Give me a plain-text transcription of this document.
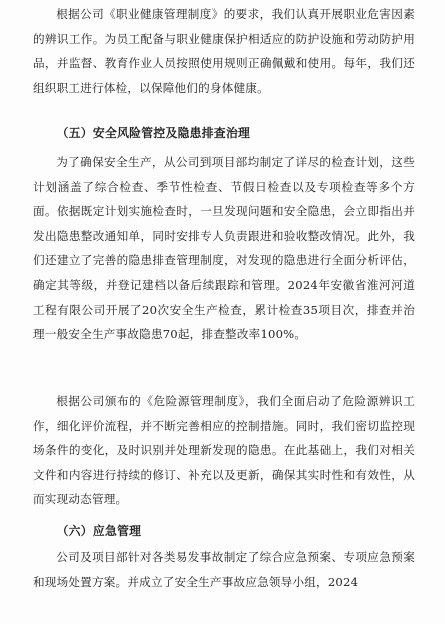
根据公司《职业健康管理制度》的要求，我们认真开展职业危害因素的辨识工作。为员工配备与职业健康保护相适应的防护设施和劳动防护用品，并监督、教育作业人员按照使用规则正确佩戴和使用。每年，我们还组织职工进行体检，以保障他们的身体健康。

（五）安全风险管控及隐患排查治理

为了确保安全生产，从公司到项目部均制定了详尽的检查计划，这些计划涵盖了综合检查、季节性检查、节假日检查以及专项检查等多个方面。依据既定计划实施检查时，一旦发现问题和安全隐患，会立即指出并发出隐患整改通知单，同时安排专人负责跟进和验收整改情况。此外，我们还建立了完善的隐患排查管理制度，对发现的隐患进行全面分析评估，确定其等级，并登记建档以备后续跟踪和管理。2024年安徽省淮河河道工程有限公司开展了20次安全生产检查，累计检查35项目次，排查并治理一般安全生产事故隐患70起，排查整改率100%。

根据公司颁布的《危险源管理制度》，我们全面启动了危险源辨识工作，细化评价流程，并不断完善相应的控制措施。同时，我们密切监控现场条件的变化，及时识别并处理新发现的隐患。在此基础上，我们对相关文件和内容进行持续的修订、补充以及更新，确保其实时性和有效性，从而实现动态管理。

（六）应急管理

公司及项目部针对各类易发事故制定了综合应急预案、专项应急预案和现场处置方案。并成立了安全生产事故应急领导小组，2024
